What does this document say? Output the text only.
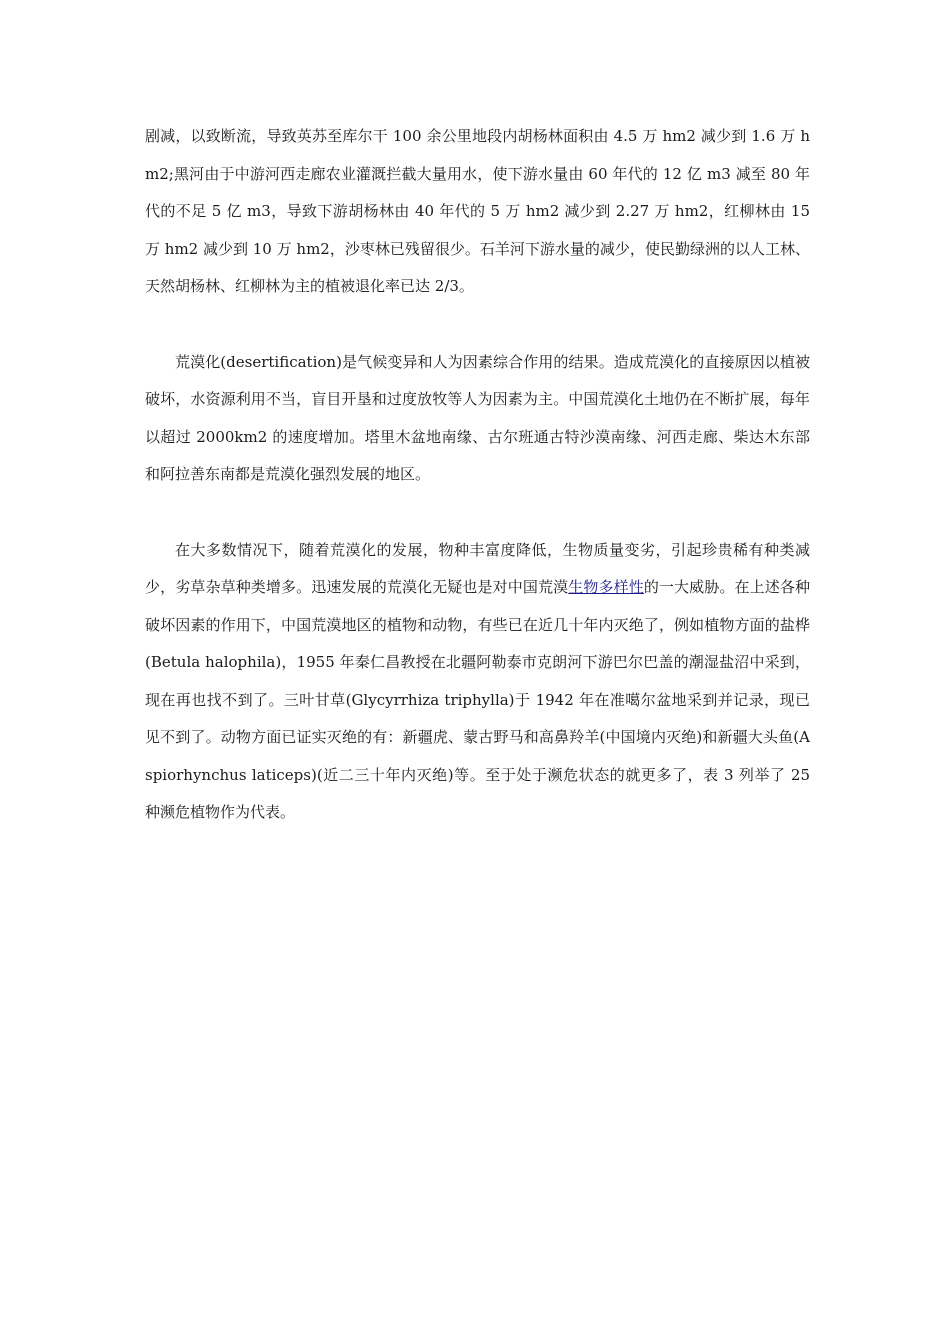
剧减，以致断流，导致英苏至库尔干 100 余公里地段内胡杨林面积由 4.5 万 hm2 减少到 1.6 万 hm2;黑河由于中游河西走廊农业灌溉拦截大量用水，使下游水量由 60 年代的 12 亿 m3 减至 80 年代的不足 5 亿 m3，导致下游胡杨林由 40 年代的 5 万 hm2 减少到 2.27 万 hm2，红柳林由 15 万 hm2 减少到 10 万 hm2，沙枣林已残留很少。石羊河下游水量的减少，使民勤绿洲的以人工林、天然胡杨林、红柳林为主的植被退化率已达 2/3。

荒漠化(desertification)是气候变异和人为因素综合作用的结果。造成荒漠化的直接原因以植被破坏，水资源利用不当，盲目开垦和过度放牧等人为因素为主。中国荒漠化土地仍在不断扩展，每年以超过 2000km2 的速度增加。塔里木盆地南缘、古尔班通古特沙漠南缘、河西走廊、柴达木东部和阿拉善东南都是荒漠化强烈发展的地区。

在大多数情况下，随着荒漠化的发展，物种丰富度降低，生物质量变劣，引起珍贵稀有种类减少，劣草杂草种类增多。迅速发展的荒漠化无疑也是对中国荒漠生物多样性的一大威胁。在上述各种破坏因素的作用下，中国荒漠地区的植物和动物，有些已在近几十年内灭绝了，例如植物方面的盐桦(Betula halophila)，1955 年秦仁昌教授在北疆阿勒泰市克朗河下游巴尔巴盖的潮湿盐沼中采到，现在再也找不到了。三叶甘草(Glycyrrhiza triphylla)于 1942 年在准噶尔盆地采到并记录，现已见不到了。动物方面已证实灭绝的有：新疆虎、蒙古野马和高鼻羚羊(中国境内灭绝)和新疆大头鱼(Aspiorhynchus laticeps)(近二三十年内灭绝)等。至于处于濒危状态的就更多了，表 3 列举了 25 种濒危植物作为代表。
